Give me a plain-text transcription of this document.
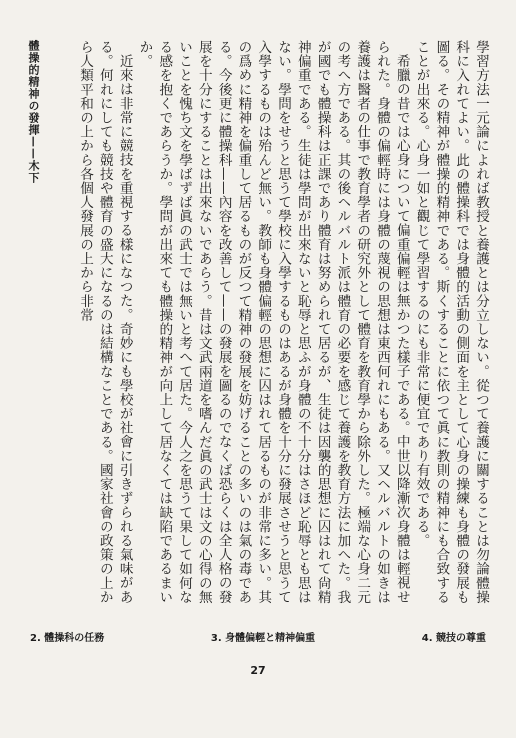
體操的精神の發揮——木下	學習方法一元論によれば教授と養護とは分立しない。從つて養護に關することは勿論體操科に入れてよい。此の體操科では身體的活動の側面を主として心身の操練も身體の發展も圖る。その精神が體操的精神である。斯くすることに依つて眞に教則の精神にも合致することが出來る。心身一如と觀じて學習するのにも非常に便宜であり有效である。

希臘の昔では心身について偏重偏輕は無かつた樣子である。中世以降漸次身體は輕視せられた。身體の偏輕時には身體の蔑視の思想は東西何れにもある。又ヘルバルトの如きは養護は醫者の仕事で教育學者の研究外として體育を教育學から除外した。極端な心身二元の考へ方である。其の後ヘルバルト派は體育の必要を感じて養護を教育方法に加へた。我が國でも體操科は正課であり體育は努められて居るが、生徒は因襲的思想に囚はれて尙精神偏重である。生徒は學問が出來ないと恥辱と思ふが身體の不十分はさほど恥辱とも思はない。學問をせうと思うて學校に入學するものはあるが身體を十分に發展させうと思うて入學するものは殆んど無い。教師も身體偏輕の思想に囚はれて居るものが非常に多い。其の爲めに精神を偏重して居るものが反つて精神の發展を妨げることの多いのは氣の毒である。今後更に體操科——內容を改善して——の發展を圖るのでなくば恐らくは全人格の發展を十分にすることは出來ないであらう。昔は文武兩道を嗜んだ眞の武士は文の心得の無いことを愧ち文を學ばずば眞の武士では無いと考へて居た。今人之を思うて果して如何なる感を抱くであらうか。學問が出來ても體操的精神が向上して居なくては缺陷であるまいか。

近來は非常に競技を重視する樣になつた。奇妙にも學校が社會に引きずられる氣味がある。何れにしても競技や體育の盛大になるのは結構なことである。國家社會の政策の上から人類平和の上から各個人發展の上から非常

2. 體操科の任務	3. 身體偏輕と精神偏重	4. 競技の尊重
27
